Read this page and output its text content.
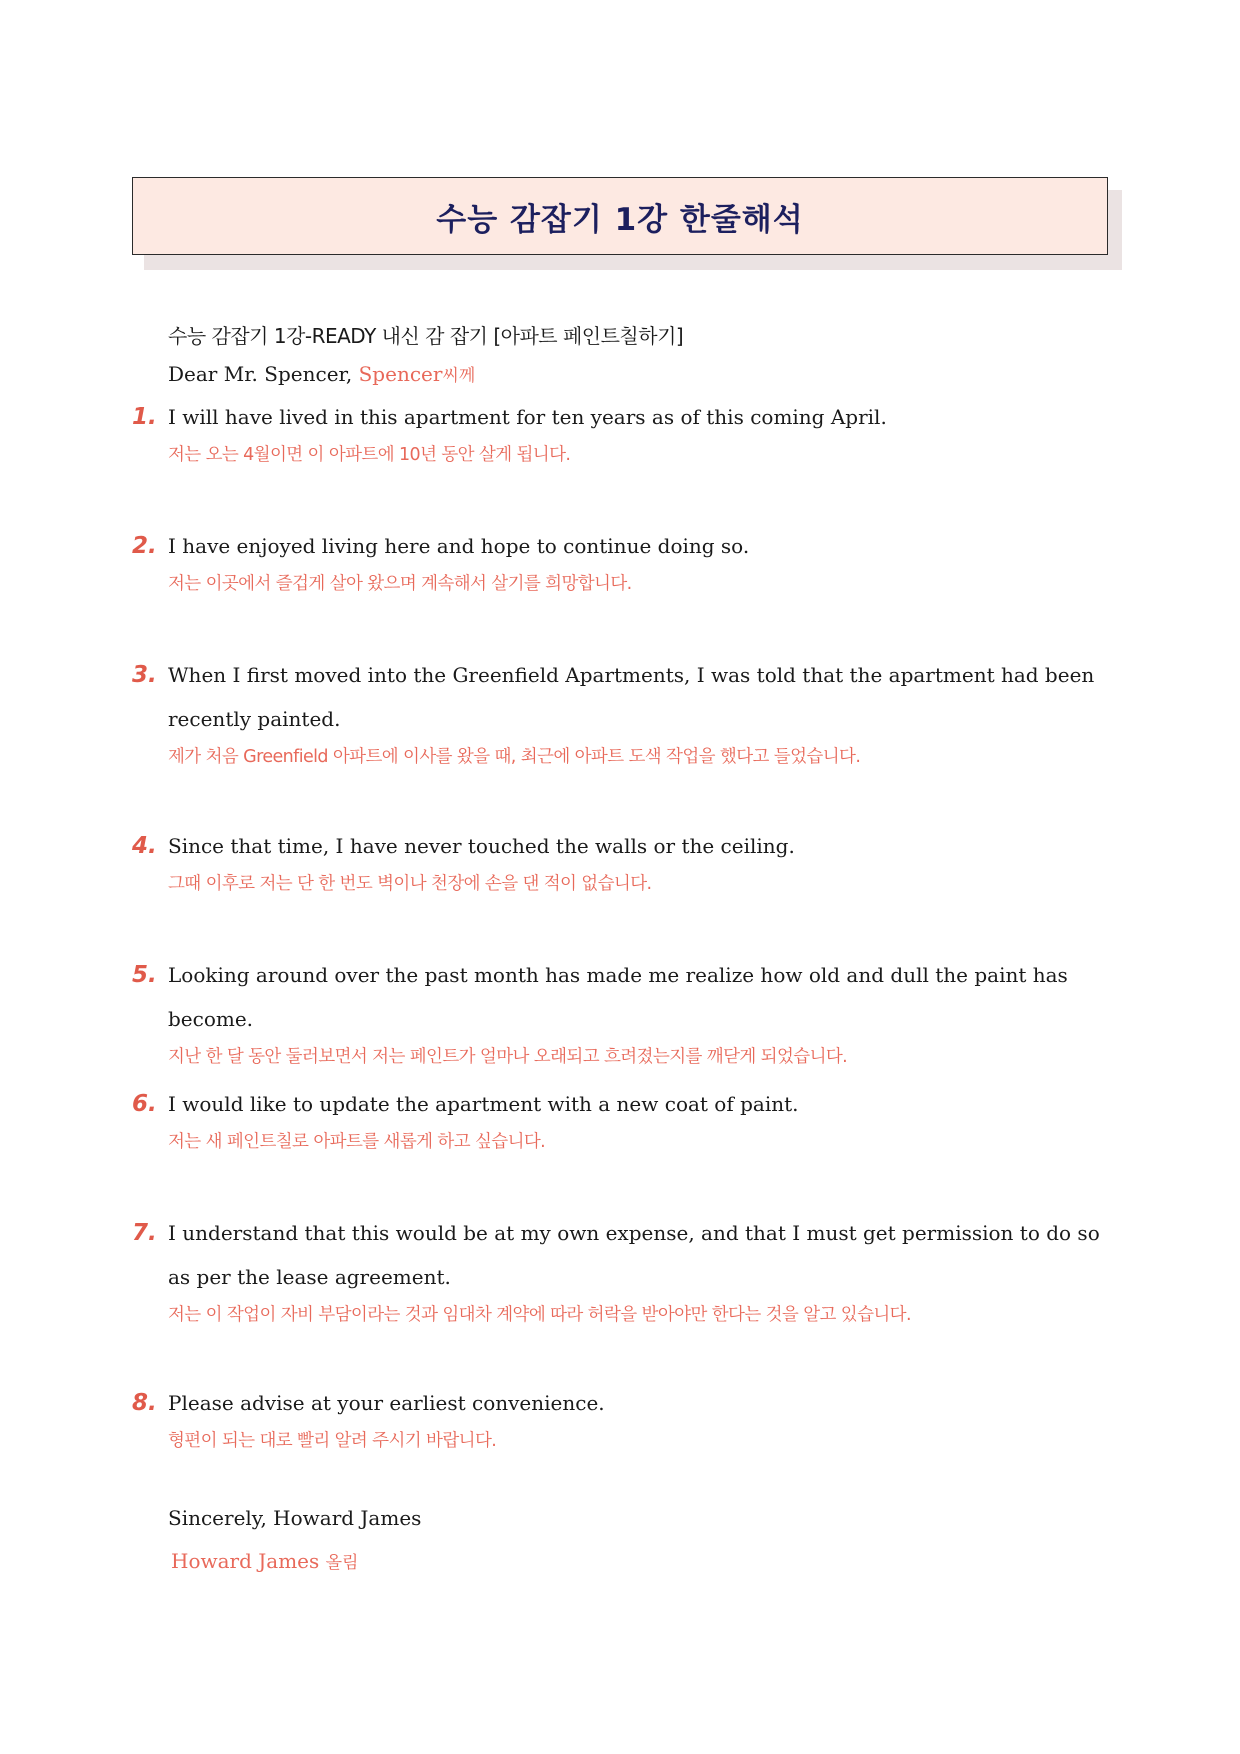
수능 감잡기 1강 한줄해석
수능 감잡기 1강-READY 내신 감 잡기 [아파트 페인트칠하기]
Dear Mr. Spencer, Spencer씨께
1. I will have lived in this apartment for ten years as of this coming April.
저는 오는 4월이면 이 아파트에 10년 동안 살게 됩니다.
2. I have enjoyed living here and hope to continue doing so.
저는 이곳에서 즐겁게 살아 왔으며 계속해서 살기를 희망합니다.
3. When I first moved into the Greenfield Apartments, I was told that the apartment had been recently painted.
제가 처음 Greenfield 아파트에 이사를 왔을 때, 최근에 아파트 도색 작업을 했다고 들었습니다.
4. Since that time, I have never touched the walls or the ceiling.
그때 이후로 저는 단 한 번도 벽이나 천장에 손을 댄 적이 없습니다.
5. Looking around over the past month has made me realize how old and dull the paint has become.
지난 한 달 동안 둘러보면서 저는 페인트가 얼마나 오래되고 흐려졌는지를 깨닫게 되었습니다.
6. I would like to update the apartment with a new coat of paint.
저는 새 페인트칠로 아파트를 새롭게 하고 싶습니다.
7. I understand that this would be at my own expense, and that I must get permission to do so as per the lease agreement.
저는 이 작업이 자비 부담이라는 것과 임대차 계약에 따라 허락을 받아야만 한다는 것을 알고 있습니다.
8. Please advise at your earliest convenience.
형편이 되는 대로 빨리 알려 주시기 바랍니다.
Sincerely, Howard James
Howard James 올림
